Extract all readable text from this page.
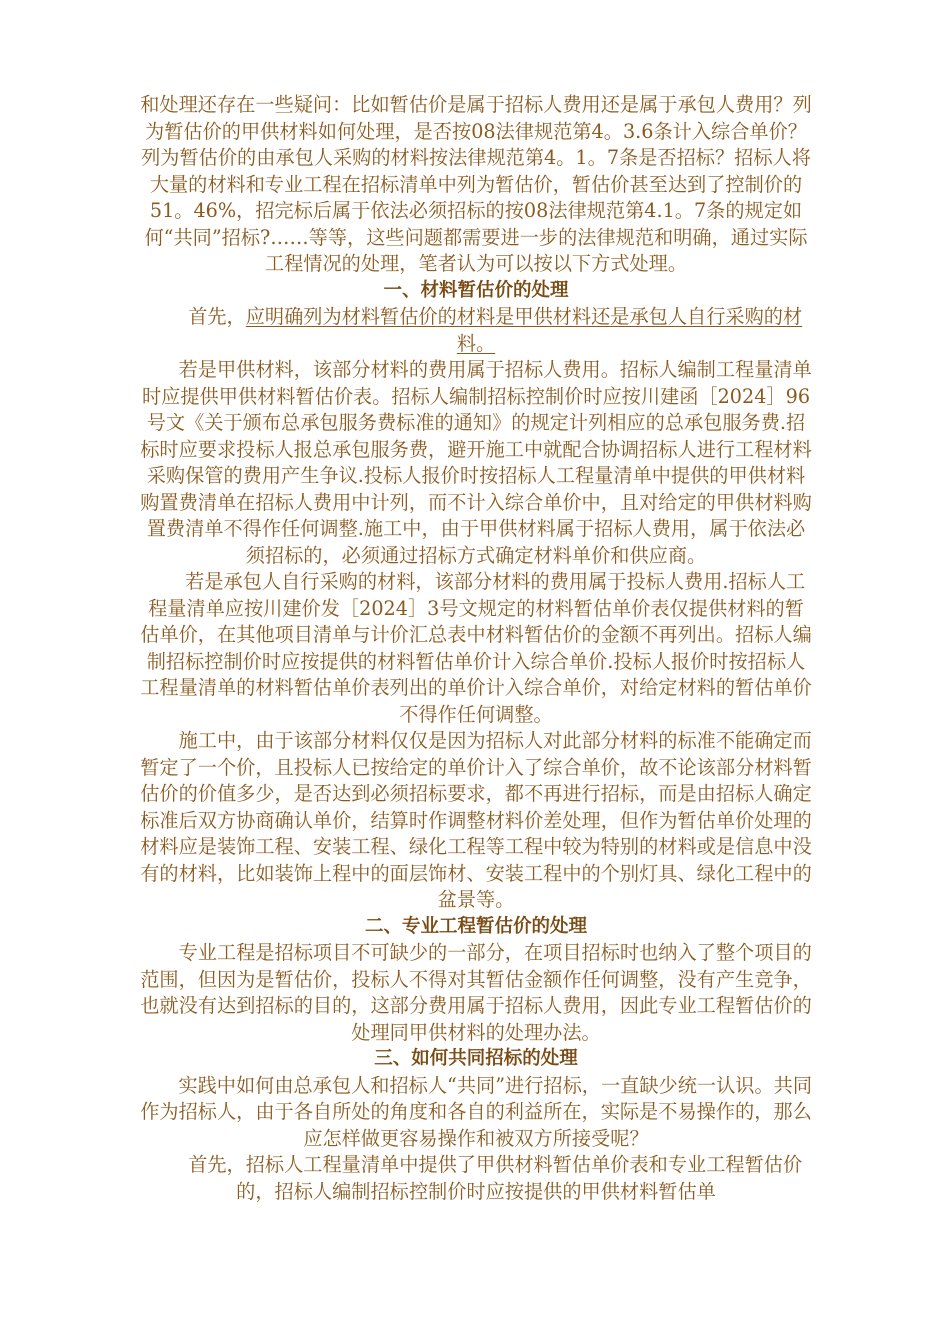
和处理还存在一些疑问：比如暂估价是属于招标人费用还是属于承包人费用？列为暂估价的甲供材料如何处理，是否按08法律规范第4。3.6条计入综合单价？列为暂估价的由承包人采购的材料按法律规范第4。1。7条是否招标？招标人将大量的材料和专业工程在招标清单中列为暂估价，暂估价甚至达到了控制价的51。46%，招完标后属于依法必须招标的按08法律规范第4.1。7条的规定如何“共同”招标?……等等，这些问题都需要进一步的法律规范和明确，通过实际工程情况的处理，笔者认为可以按以下方式处理。

一、材料暂估价的处理

首先，应明确列为材料暂估价的材料是甲供材料还是承包人自行采购的材料。

若是甲供材料，该部分材料的费用属于招标人费用。招标人编制工程量清单时应提供甲供材料暂估价表。招标人编制招标控制价时应按川建函［2024］96号文《关于颁布总承包服务费标准的通知》的规定计列相应的总承包服务费.招标时应要求投标人报总承包服务费，避开施工中就配合协调招标人进行工程材料采购保管的费用产生争议.投标人报价时按招标人工程量清单中提供的甲供材料购置费清单在招标人费用中计列，而不计入综合单价中，且对给定的甲供材料购置费清单不得作任何调整.施工中，由于甲供材料属于招标人费用，属于依法必须招标的，必须通过招标方式确定材料单价和供应商。

若是承包人自行采购的材料，该部分材料的费用属于投标人费用.招标人工程量清单应按川建价发［2024］3号文规定的材料暂估单价表仅提供材料的暂估单价，在其他项目清单与计价汇总表中材料暂估价的金额不再列出。招标人编制招标控制价时应按提供的材料暂估单价计入综合单价.投标人报价时按招标人工程量清单的材料暂估单价表列出的单价计入综合单价，对给定材料的暂估单价不得作任何调整。

施工中，由于该部分材料仅仅是因为招标人对此部分材料的标准不能确定而暂定了一个价，且投标人已按给定的单价计入了综合单价，故不论该部分材料暂估价的价值多少，是否达到必须招标要求，都不再进行招标，而是由招标人确定标准后双方协商确认单价，结算时作调整材料价差处理，但作为暂估单价处理的材料应是装饰工程、安装工程、绿化工程等工程中较为特别的材料或是信息中没有的材料，比如装饰上程中的面层饰材、安装工程中的个别灯具、绿化工程中的盆景等。

二、专业工程暂估价的处理

专业工程是招标项目不可缺少的一部分，在项目招标时也纳入了整个项目的范围，但因为是暂估价，投标人不得对其暂估金额作任何调整，没有产生竞争，也就没有达到招标的目的，这部分费用属于招标人费用，因此专业工程暂估价的处理同甲供材料的处理办法。

三、如何共同招标的处理

实践中如何由总承包人和招标人“共同”进行招标，一直缺少统一认识。共同作为招标人，由于各自所处的角度和各自的利益所在，实际是不易操作的，那么应怎样做更容易操作和被双方所接受呢？

首先，招标人工程量清单中提供了甲供材料暂估单价表和专业工程暂估价的，招标人编制招标控制价时应按提供的甲供材料暂估单
